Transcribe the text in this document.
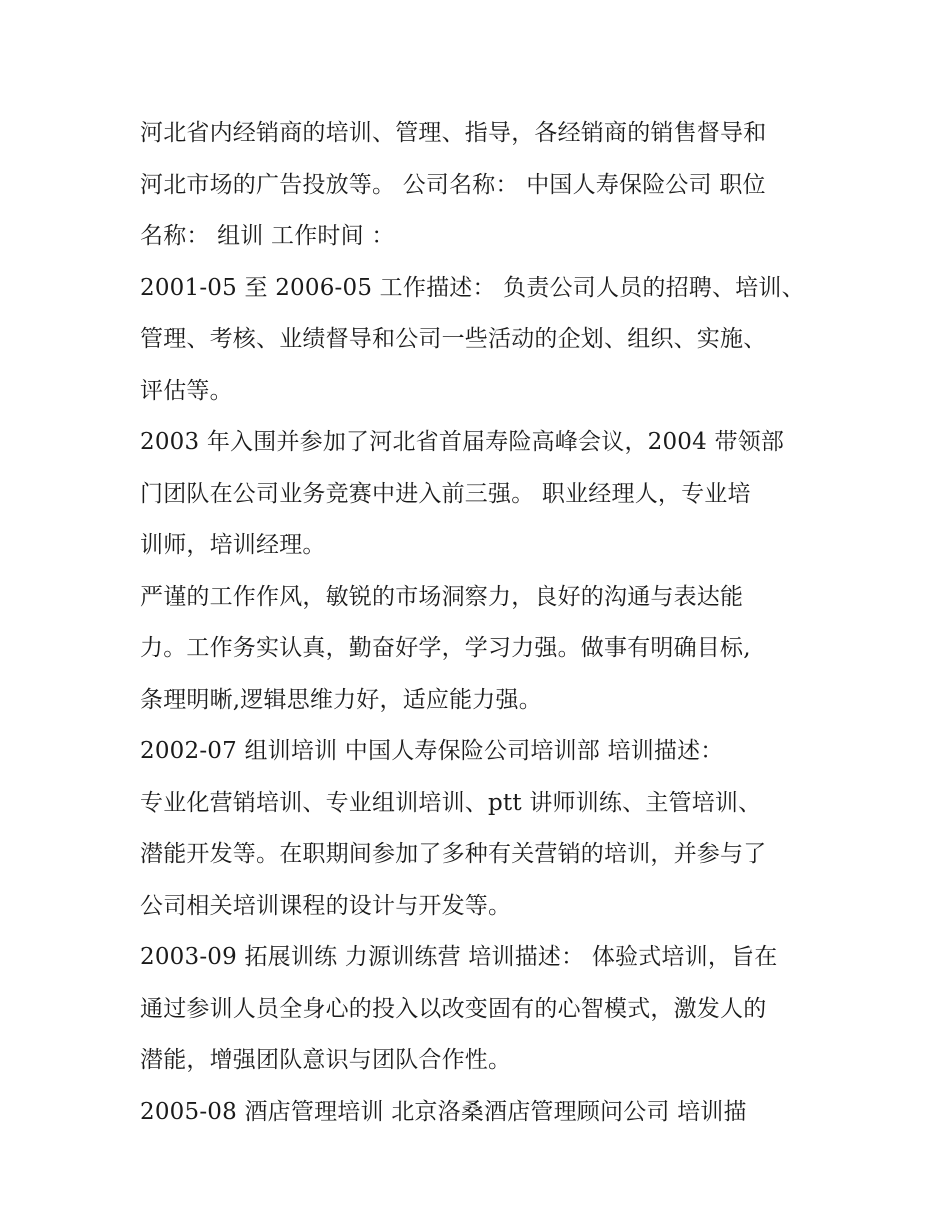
河北省内经销商的培训、管理、指导，各经销商的销售督导和
河北市场的广告投放等。 公司名称： 中国人寿保险公司 职位
名称： 组训 工作时间 ：
2001-05 至 2006-05 工作描述： 负责公司人员的招聘、培训、
管理、考核、业绩督导和公司一些活动的企划、组织、实施、
评估等。
2003 年入围并参加了河北省首届寿险高峰会议，2004 带领部
门团队在公司业务竞赛中进入前三强。 职业经理人，专业培
训师，培训经理。
严谨的工作作风，敏锐的市场洞察力，良好的沟通与表达能
力。工作务实认真，勤奋好学，学习力强。做事有明确目标,
条理明晰,逻辑思维力好，适应能力强。
2002-07 组训培训 中国人寿保险公司培训部 培训描述：
专业化营销培训、专业组训培训、ptt 讲师训练、主管培训、
潜能开发等。在职期间参加了多种有关营销的培训，并参与了
公司相关培训课程的设计与开发等。
2003-09 拓展训练 力源训练营 培训描述： 体验式培训，旨在
通过参训人员全身心的投入以改变固有的心智模式，激发人的
潜能，增强团队意识与团队合作性。
2005-08 酒店管理培训 北京洛桑酒店管理顾问公司 培训描
